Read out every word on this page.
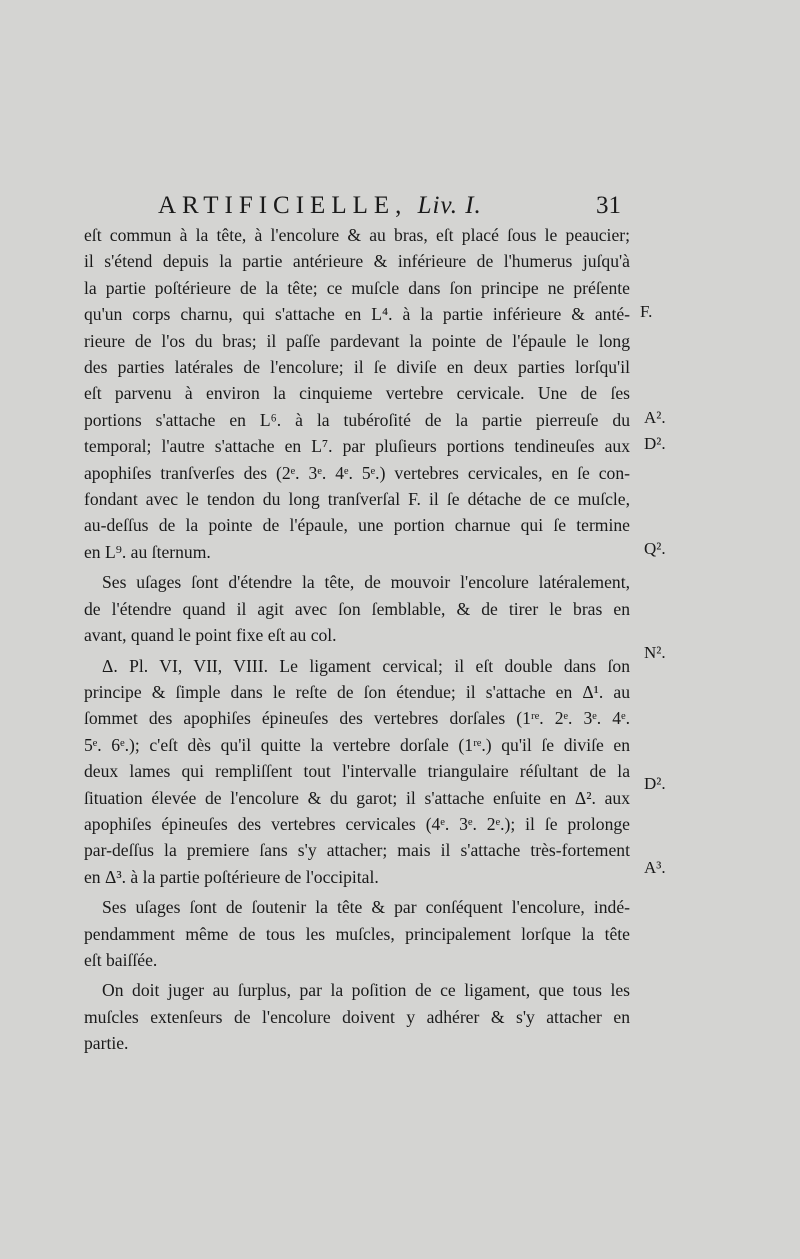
ARTIFICIELLE, Liv. I.	31
eſt commun à la tête, à l'encolure & au bras, eſt placé ſous le peaucier;
il s'étend depuis la partie antérieure & inférieure de l'humerus juſqu'à
la partie poſtérieure de la tête; ce muſcle dans ſon principe ne préſente
qu'un corps charnu, qui s'attache en L⁴. à la partie inférieure & anté-
rieure de l'os du bras; il paſſe pardevant la pointe de l'épaule le long
des parties latérales de l'encolure; il ſe diviſe en deux parties lorſqu'il
eſt parvenu à environ la cinquieme vertebre cervicale. Une de ſes
portions s'attache en L⁶. à la tubéroſité de la partie pierreuſe du
temporal; l'autre s'attache en L⁷. par pluſieurs portions tendineuſes aux
apophiſes tranſverſes des (2ᵉ. 3ᵉ. 4ᵉ. 5ᵉ.) vertebres cervicales, en ſe con-
fondant avec le tendon du long tranſverſal F. il ſe détache de ce muſcle,
au-deſſus de la pointe de l'épaule, une portion charnue qui ſe termine
en L⁹. au ſternum.
Ses uſages ſont d'étendre la tête, de mouvoir l'encolure latéralement,
de l'étendre quand il agit avec ſon ſemblable, & de tirer le bras en
avant, quand le point fixe eſt au col.
Δ. Pl. VI, VII, VIII. Le ligament cervical; il eſt double dans ſon
principe & ſimple dans le reſte de ſon étendue; il s'attache en Δ¹. au
ſommet des apophiſes épineuſes des vertebres dorſales (1ʳᵉ. 2ᵉ. 3ᵉ. 4ᵉ.
5ᵉ. 6ᵉ.); c'eſt dès qu'il quitte la vertebre dorſale (1ʳᵉ.) qu'il ſe diviſe en
deux lames qui rempliſſent tout l'intervalle triangulaire réſultant de la
ſituation élevée de l'encolure & du garot; il s'attache enſuite en Δ². aux
apophiſes épineuſes des vertebres cervicales (4ᵉ. 3ᵉ. 2ᵉ.); il ſe prolonge
par-deſſus la premiere ſans s'y attacher; mais il s'attache très-fortement
en Δ³. à la partie poſtérieure de l'occipital.
Ses uſages ſont de ſoutenir la tête & par conſéquent l'encolure, indé-
pendamment même de tous les muſcles, principalement lorſque la tête
eſt baiſſée.
On doit juger au ſurplus, par la poſition de ce ligament, que tous les
muſcles extenſeurs de l'encolure doivent y adhérer & s'y attacher en
partie.
F.
A².
D².
Q².
N².
D².
A³.
